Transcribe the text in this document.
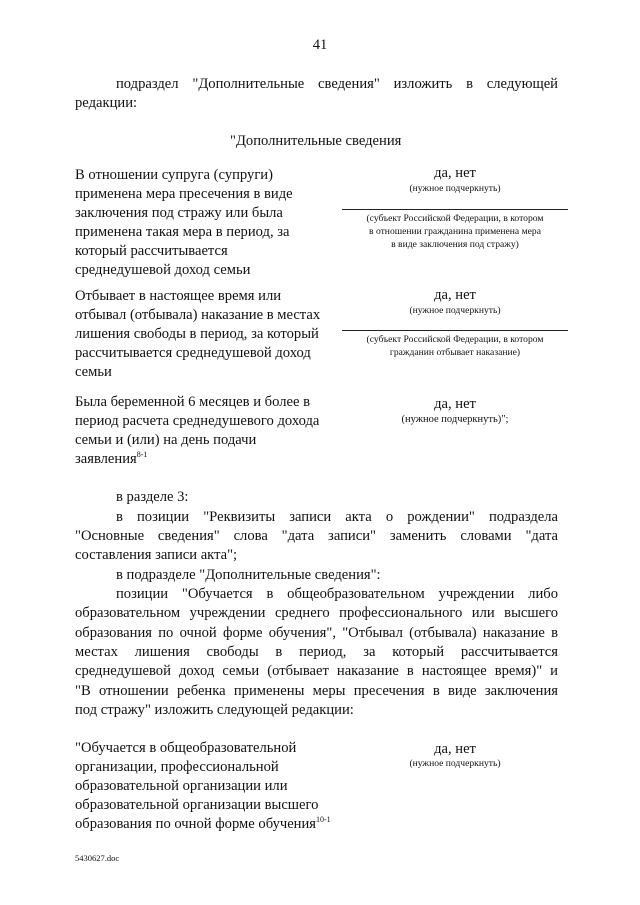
41
подраздел "Дополнительные сведения" изложить в следующей
редакции:
"Дополнительные сведения
В отношении супруга (супруги)
применена мера пресечения в виде
заключения под стражу или была
применена такая мера в период, за
который рассчитывается
среднедушевой доход семьи
да, нет
(нужное подчеркнуть)
(субъект Российской Федерации, в котором
в отношении гражданина применена мера
в виде заключения под стражу)
Отбывает в настоящее время или
отбывал (отбывала) наказание в местах
лишения свободы в период, за который
рассчитывается среднедушевой доход
семьи
да, нет
(нужное подчеркнуть)
(субъект Российской Федерации, в котором
гражданин отбывает наказание)
Была беременной 6 месяцев и более в
период расчета среднедушевого дохода
семьи и (или) на день подачи
заявления$^{8-1}$
да, нет
(нужное подчеркнуть)";
в разделе 3:
в позиции "Реквизиты записи акта о рождении" подраздела
"Основные сведения" слова "дата записи" заменить словами "дата
составления записи акта";
в подразделе "Дополнительные сведения":
позиции "Обучается в общеобразовательном учреждении либо
образовательном учреждении среднего профессионального или высшего
образования по очной форме обучения", "Отбывал (отбывала) наказание в
местах лишения свободы в период, за который рассчитывается
среднедушевой доход семьи (отбывает наказание в настоящее время)" и
"В отношении ребенка применены меры пресечения в виде заключения
под стражу" изложить следующей редакции:
"Обучается в общеобразовательной
организации, профессиональной
образовательной организации или
образовательной организации высшего
образования по очной форме обучения$^{10-1}$
да, нет
(нужное подчеркнуть)
5430627.doc
